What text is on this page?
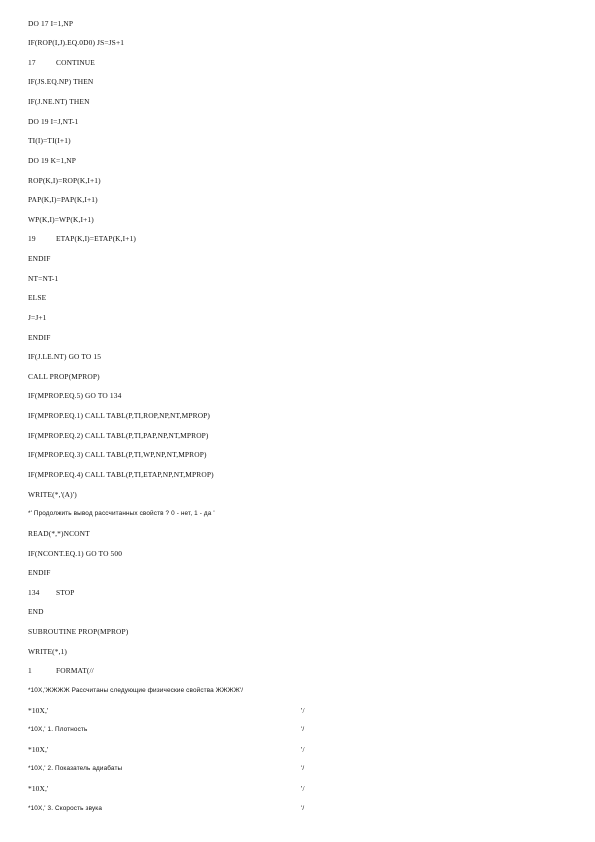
DO 17 I=1,NP
IF(ROP(I,J).EQ.0D0) JS=JS+1
17	CONTINUE
IF(JS.EQ.NP) THEN
IF(J.NE.NT) THEN
DO 19 I=J,NT-1
TI(I)=TI(I+1)
DO 19 K=1,NP
ROP(K,I)=ROP(K,I+1)
PAP(K,I)=PAP(K,I+1)
WP(K,I)=WP(K,I+1)
19	ETAP(K,I)=ETAP(K,I+1)
ENDIF
NT=NT-1
ELSE
J=J+1
ENDIF
IF(J.LE.NT) GO TO 15
CALL PROP(MPROP)
IF(MPROP.EQ.5) GO TO 134
IF(MPROP.EQ.1) CALL TABL(P,TI,ROP,NP,NT,MPROP)
IF(MPROP.EQ.2) CALL TABL(P,TI,PAP,NP,NT,MPROP)
IF(MPROP.EQ.3) CALL TABL(P,TI,WP,NP,NT,MPROP)
IF(MPROP.EQ.4) CALL TABL(P,TI,ETAP,NP,NT,MPROP)
WRITE(*,'(A)')
*' Продолжить вывод рассчитанных свойств ? 0 - нет, 1 - да '
READ(*,*)NCONT
IF(NCONT.EQ.1) GO TO 500
ENDIF
134 STOP
END
SUBROUTINE PROP(MPROP)
WRITE(*,1)
1	FORMAT(//
*10X,'ЖЖЖЖ Рассчитаны следующие физические свойства ЖЖЖЖ'/
*10X,'	'/
*10X,' 1. Плотность	'/
*10X,'	'/
*10X,' 2. Показатель адиабаты	'/
*10X,'	'/
*10X,' 3. Скорость звука	'/
